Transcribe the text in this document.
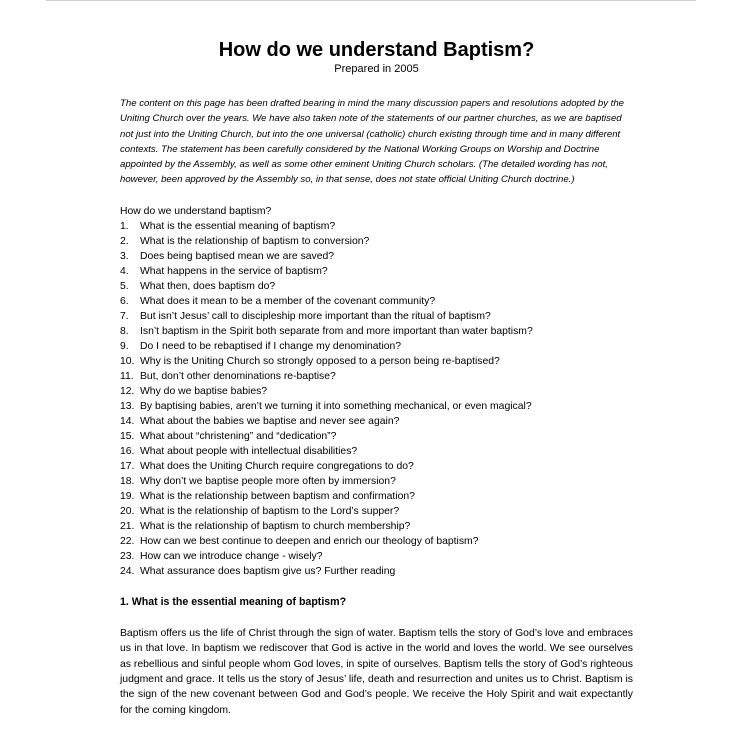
How do we understand Baptism?

Prepared in 2005

The content on this page has been drafted bearing in mind the many discussion papers and resolutions adopted by the Uniting Church over the years. We have also taken note of the statements of our partner churches, as we are baptised not just into the Uniting Church, but into the one universal (catholic) church existing through time and in many different contexts. The statement has been carefully considered by the National Working Groups on Worship and Doctrine appointed by the Assembly, as well as some other eminent Uniting Church scholars. (The detailed wording has not, however, been approved by the Assembly so, in that sense, does not state official Uniting Church doctrine.)

How do we understand baptism?

1.	What is the essential meaning of baptism?
2.	What is the relationship of baptism to conversion?
3.	Does being baptised mean we are saved?
4.	What happens in the service of baptism?
5.	What then, does baptism do?
6.	What does it mean to be a member of the covenant community?
7.	But isn’t Jesus’ call to discipleship more important than the ritual of baptism?
8.	Isn’t baptism in the Spirit both separate from and more important than water baptism?
9.	Do I need to be rebaptised if I change my denomination?
10. Why is the Uniting Church so strongly opposed to a person being re-baptised?
11. But, don’t other denominations re-baptise?
12. Why do we baptise babies?
13. By baptising babies, aren’t we turning it into something mechanical, or even magical?
14. What about the babies we baptise and never see again?
15. What about “christening” and “dedication”?
16. What about people with intellectual disabilities?
17. What does the Uniting Church require congregations to do?
18. Why don’t we baptise people more often by immersion?
19. What is the relationship between baptism and confirmation?
20. What is the relationship of baptism to the Lord’s supper?
21. What is the relationship of baptism to church membership?
22. How can we best continue to deepen and enrich our theology of baptism?
23. How can we introduce change - wisely?
24. What assurance does baptism give us? Further reading

1. What is the essential meaning of baptism?

Baptism offers us the life of Christ through the sign of water. Baptism tells the story of God’s love and embraces us in that love. In baptism we rediscover that God is active in the world and loves the world. We see ourselves as rebellious and sinful people whom God loves, in spite of ourselves. Baptism tells the story of God’s righteous judgment and grace. It tells us the story of Jesus’ life, death and resurrection and unites us to Christ. Baptism is the sign of the new covenant between God and God’s people. We receive the Holy Spirit and wait expectantly for the coming kingdom.
